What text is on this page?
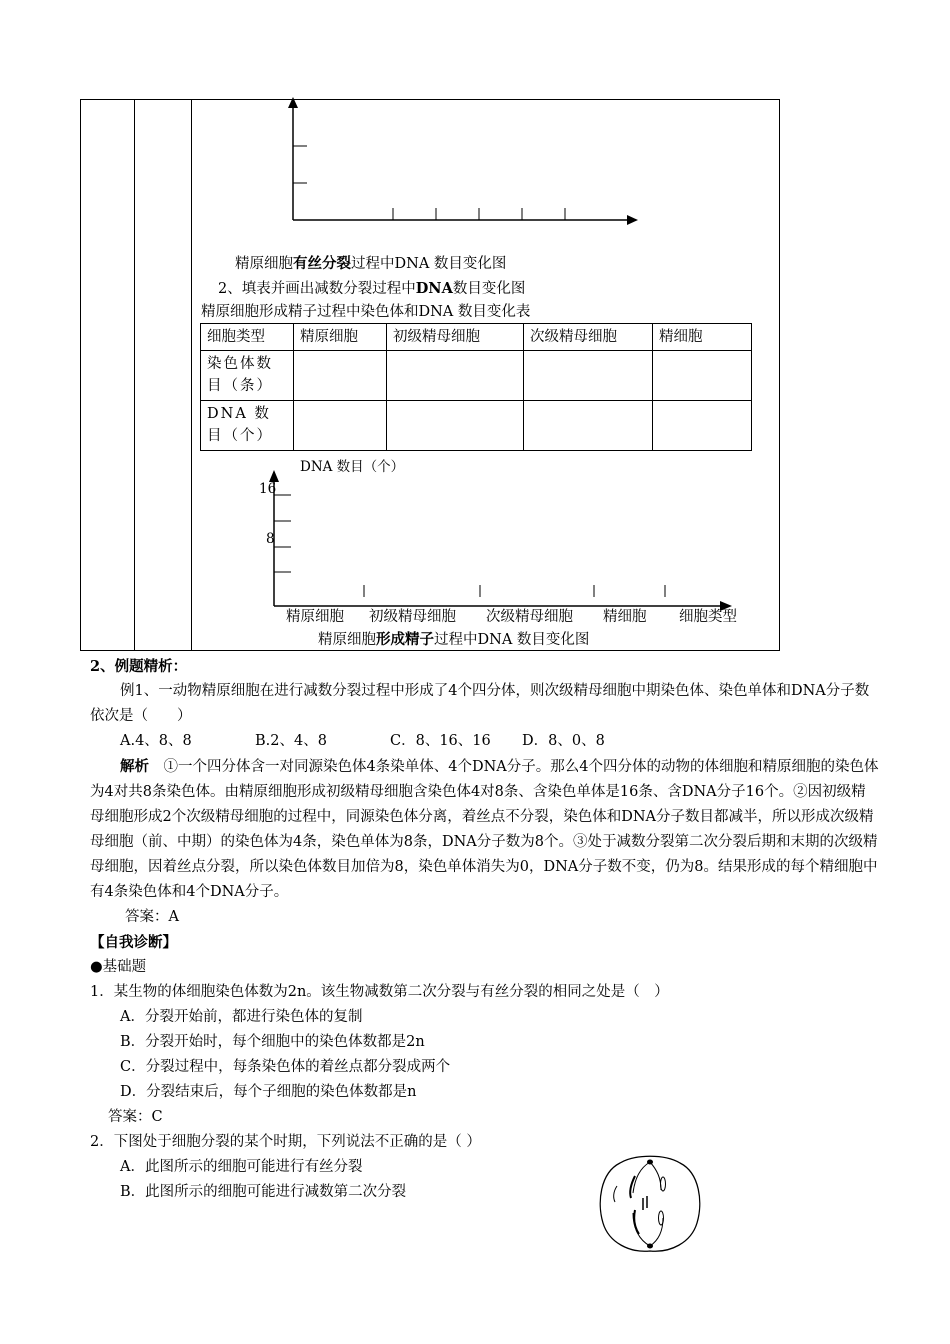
精原细胞有丝分裂过程中DNA 数目变化图
2、填表并画出减数分裂过程中DNA数目变化图
精原细胞形成精子过程中染色体和DNA 数目变化表
细胞类型	精原细胞	初级精母细胞	次级精母细胞	精细胞
染色体数目（条）				
DNA 数目（个）				
DNA 数目（个）
16
8
精原细胞 初级精母细胞 次级精母细胞 精细胞 细胞类型
精原细胞形成精子过程中DNA 数目变化图

2、例题精析：

例1、一动物精原细胞在进行减数分裂过程中形成了4个四分体，则次级精母细胞中期染色体、染色单体和DNA分子数依次是（　　）

A.4、8、8	B.2、4、8	C．8、16、16 D．8、0、8

解析　 ①一个四分体含一对同源染色体4条染单体、4个DNA分子。那么4个四分体的动物的体细胞和精原细胞的染色体为4对共8条染色体。由精原细胞形成初级精母细胞含染色体4对8条、含染色单体是16条、含DNA分子16个。②因初级精母细胞形成2个次级精母细胞的过程中，同源染色体分离，着丝点不分裂，染色体和DNA分子数目都减半，所以形成次级精母细胞（前、中期）的染色体为4条，染色单体为8条，DNA分子数为8个。③处于减数分裂第二次分裂后期和末期的次级精母细胞，因着丝点分裂，所以染色体数目加倍为8，染色单体消失为0，DNA分子数不变，仍为8。结果形成的每个精细胞中有4条染色体和4个DNA分子。

答案：A

【自我诊断】

●基础题

1．某生物的体细胞染色体数为2n。该生物减数第二次分裂与有丝分裂的相同之处是（　）

A．分裂开始前，都进行染色体的复制

B．分裂开始时，每个细胞中的染色体数都是2n

C．分裂过程中，每条染色体的着丝点都分裂成两个

D．分裂结束后，每个子细胞的染色体数都是n

答案：C

2．下图处于细胞分裂的某个时期，下列说法不正确的是（ ）

A．此图所示的细胞可能进行有丝分裂

B．此图所示的细胞可能进行减数第二次分裂
